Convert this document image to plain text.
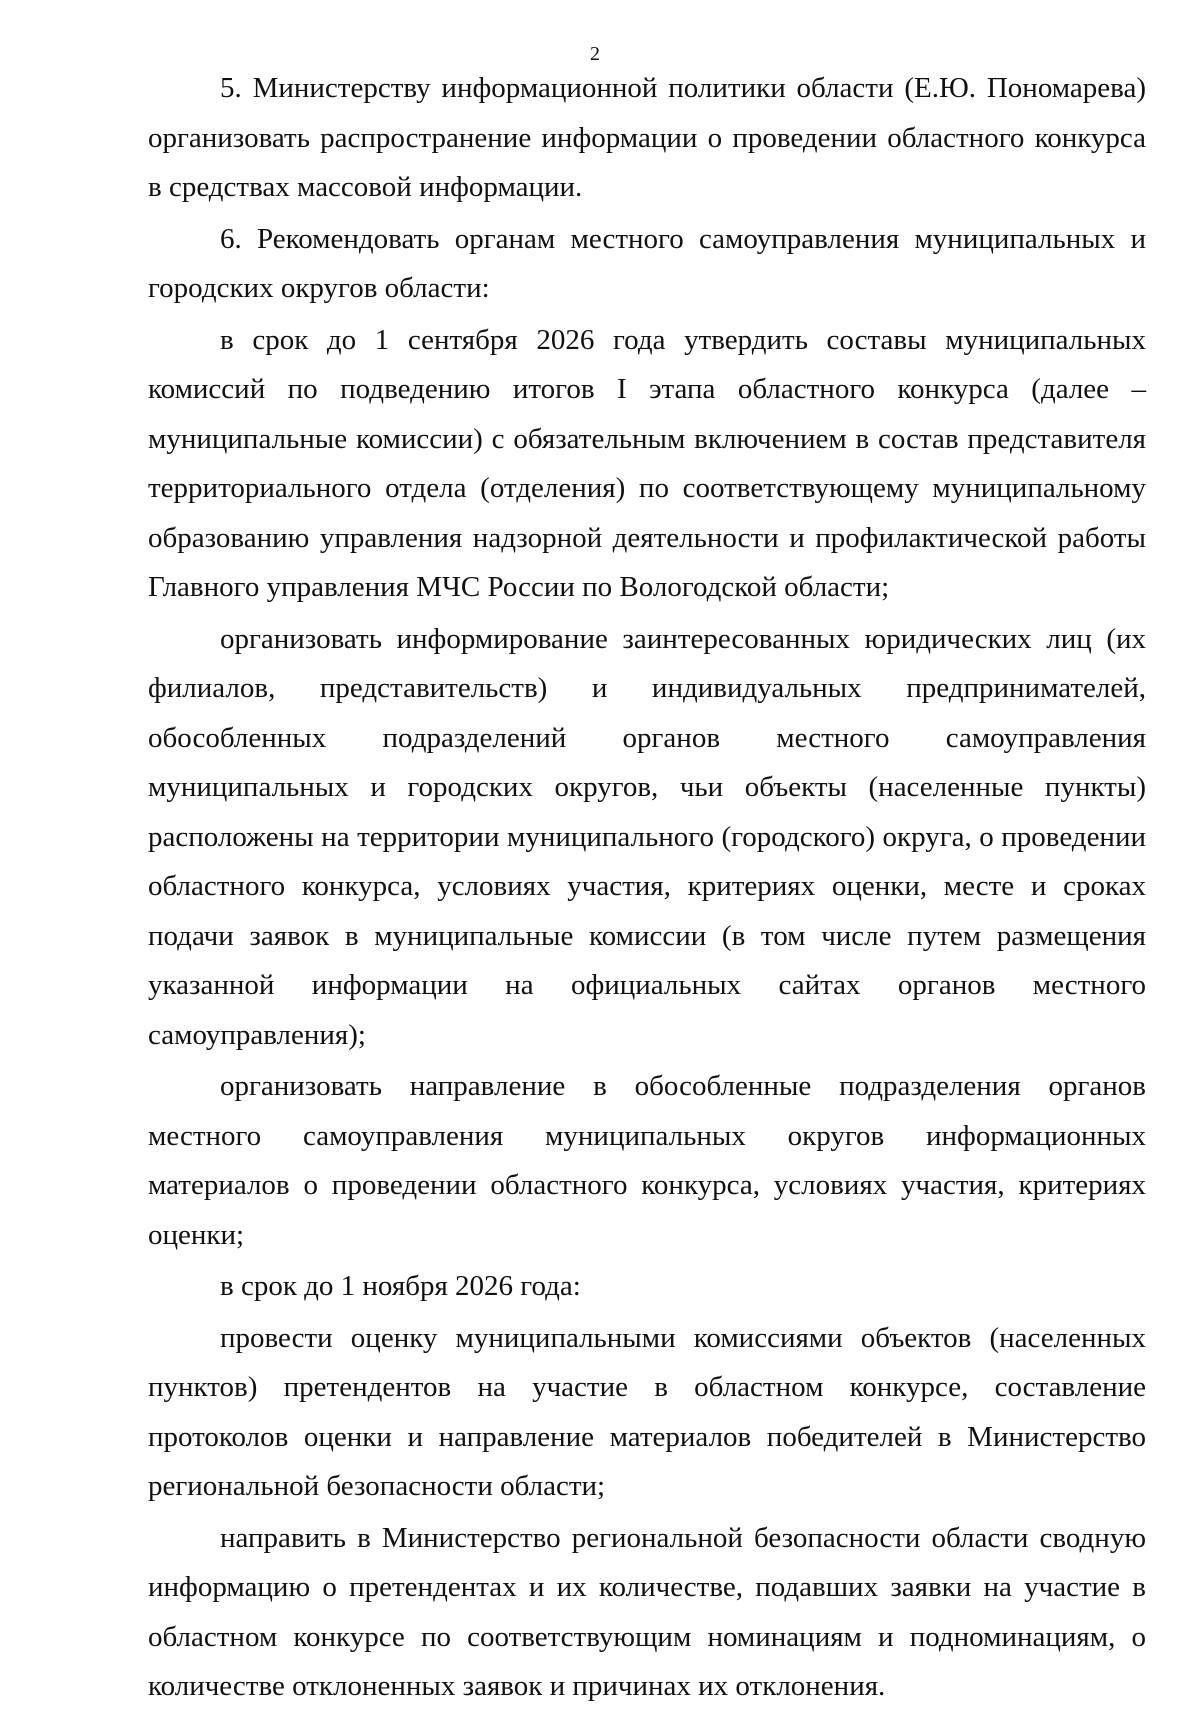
2

5. Министерству информационной политики области (Е.Ю. Пономарева) организовать распространение информации о проведении областного конкурса в средствах массовой информации.

6. Рекомендовать органам местного самоуправления муниципальных и городских округов области:

в срок до 1 сентября 2026 года утвердить составы муниципальных комиссий по подведению итогов I этапа областного конкурса (далее – муниципальные комиссии) с обязательным включением в состав представителя территориального отдела (отделения) по соответствующему муниципальному образованию управления надзорной деятельности и профилактической работы Главного управления МЧС России по Вологодской области;

организовать информирование заинтересованных юридических лиц (их филиалов, представительств) и индивидуальных предпринимателей, обособленных подразделений органов местного самоуправления муниципальных и городских округов, чьи объекты (населенные пункты) расположены на территории муниципального (городского) округа, о проведении областного конкурса, условиях участия, критериях оценки, месте и сроках подачи заявок в муниципальные комиссии (в том числе путем размещения указанной информации на официальных сайтах органов местного самоуправления);

организовать направление в обособленные подразделения органов местного самоуправления муниципальных округов информационных материалов о проведении областного конкурса, условиях участия, критериях оценки;

в срок до 1 ноября 2026 года:

провести оценку муниципальными комиссиями объектов (населенных пунктов) претендентов на участие в областном конкурсе, составление протоколов оценки и направление материалов победителей в Министерство региональной безопасности области;

направить в Министерство региональной безопасности области сводную информацию о претендентах и их количестве, подавших заявки на участие в областном конкурсе по соответствующим номинациям и подноминациям, о количестве отклоненных заявок и причинах их отклонения.
